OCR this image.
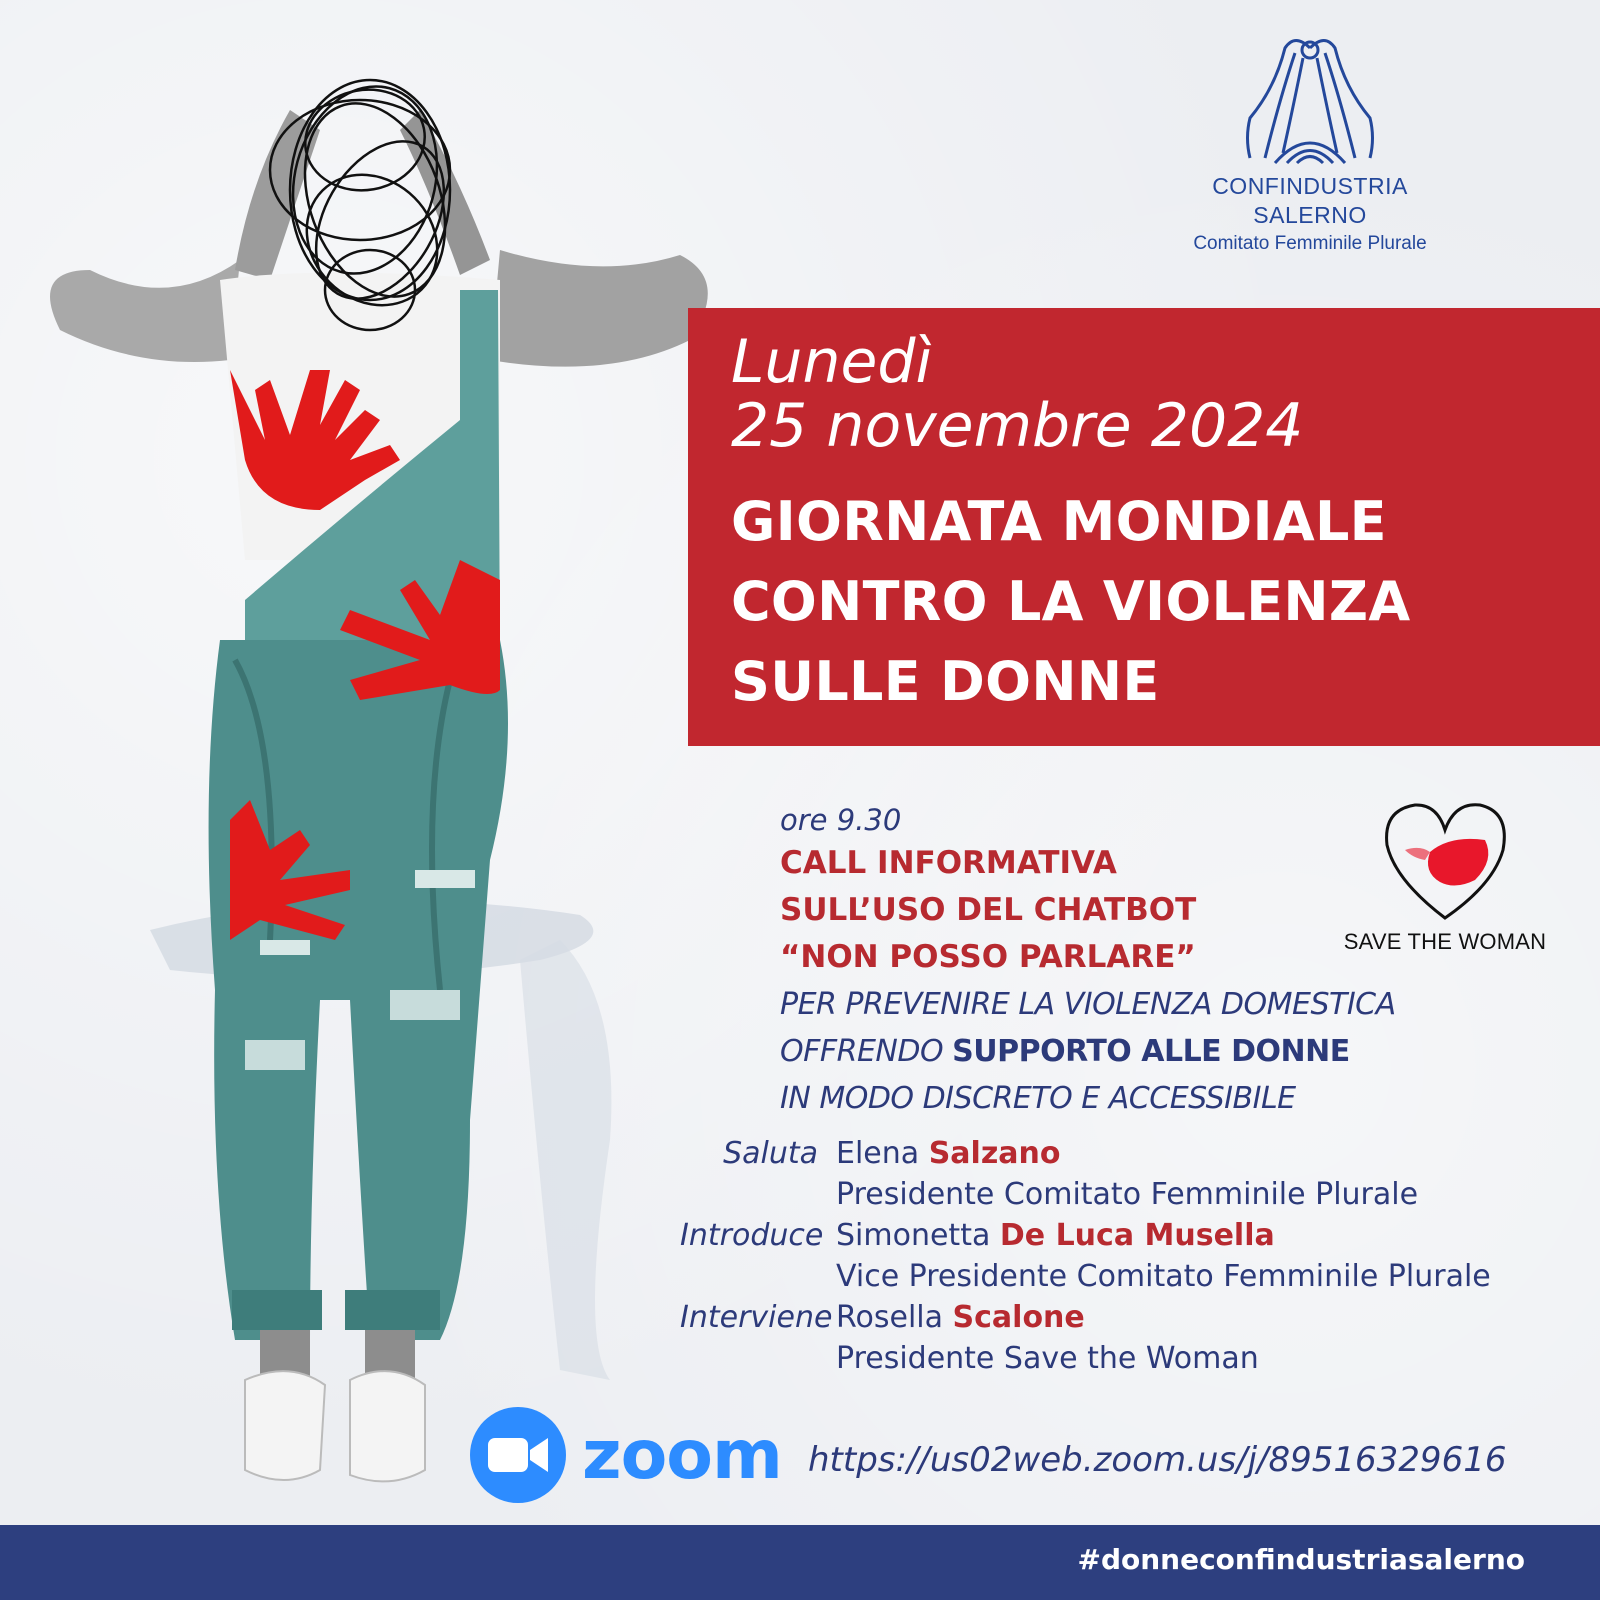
CONFINDUSTRIA
SALERNO
Comitato Femminile Plurale
Lunedì
25 novembre 2024
GIORNATA MONDIALE
CONTRO LA VIOLENZA
SULLE DONNE
ore 9.30
CALL INFORMATIVA
SULL’USO DEL CHATBOT
“NON POSSO PARLARE”
PER PREVENIRE LA VIOLENZA DOMESTICA
OFFRENDO SUPPORTO ALLE DONNE
IN MODO DISCRETO E ACCESSIBILE
SAVE THE WOMAN
Saluta Elena Salzano
Presidente Comitato Femminile Plurale
Introduce Simonetta De Luca Musella
Vice Presidente Comitato Femminile Plurale
Interviene Rosella Scalone
Presidente Save the Woman
zoom https://us02web.zoom.us/j/89516329616
#donneconfindustriasalerno
